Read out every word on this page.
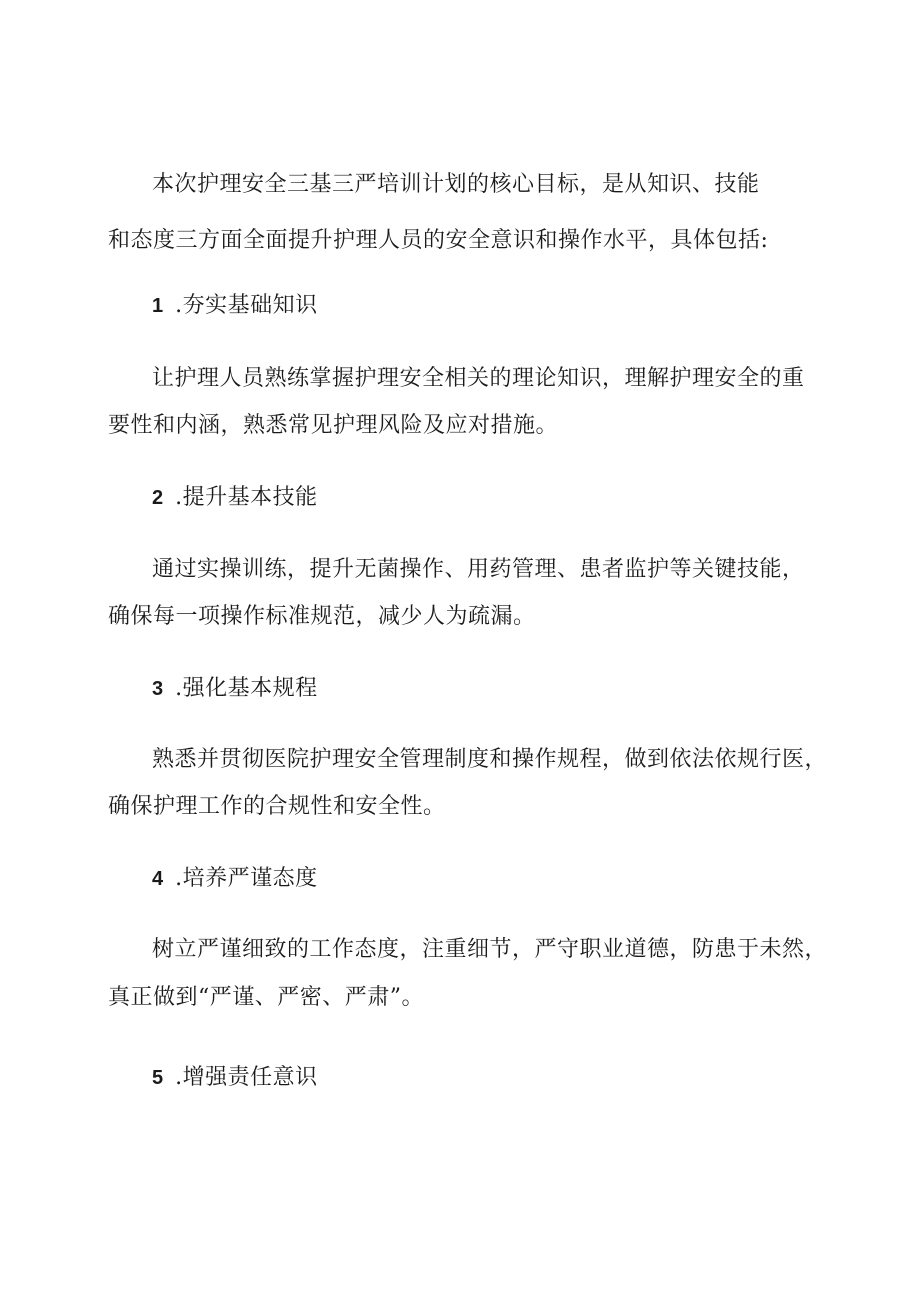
本次护理安全三基三严培训计划的核心目标，是从知识、技能
和态度三方面全面提升护理人员的安全意识和操作水平，具体包括:
1 .夯实基础知识
让护理人员熟练掌握护理安全相关的理论知识，理解护理安全的重
要性和内涵，熟悉常见护理风险及应对措施。
2 .提升基本技能
通过实操训练，提升无菌操作、用药管理、患者监护等关键技能，
确保每一项操作标准规范，减少人为疏漏。
3 .强化基本规程
熟悉并贯彻医院护理安全管理制度和操作规程，做到依法依规行医，
确保护理工作的合规性和安全性。
4 .培养严谨态度
树立严谨细致的工作态度，注重细节，严守职业道德，防患于未然，
真正做到“严谨、严密、严肃”。
5 .增强责任意识
